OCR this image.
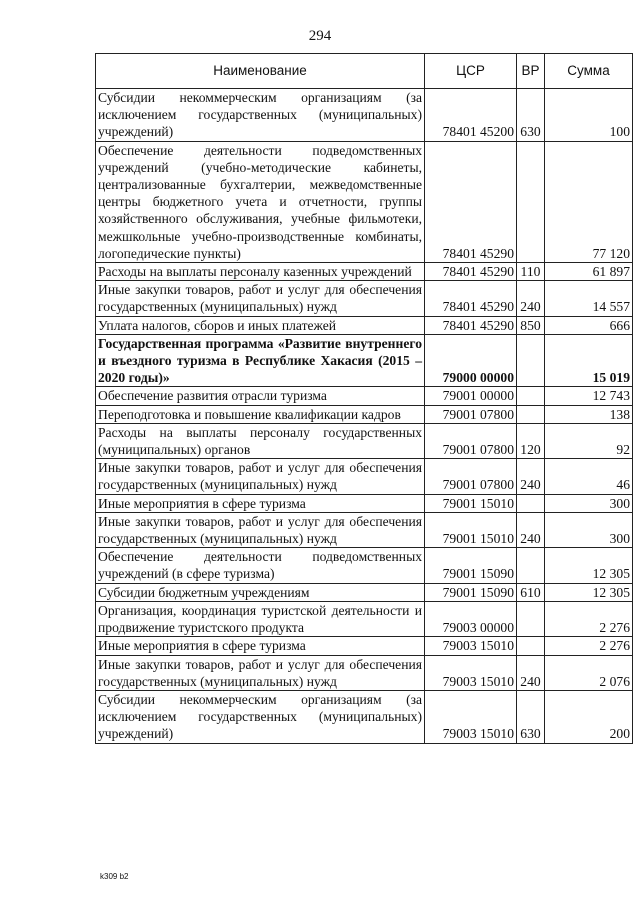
294
Наименование	ЦСР	ВР	Сумма
Субсидии некоммерческим организациям (за исключением государственных (муниципальных) учреждений)	78401 45200	630	100
Обеспечение деятельности подведомственных учреждений (учебно-методические кабинеты, централизованные бухгалтерии, межведомственные центры бюджетного учета и отчетности, группы хозяйственного обслуживания, учебные фильмотеки, межшкольные учебно-производственные комбинаты, логопедические пункты)	78401 45290		77 120
Расходы на выплаты персоналу казенных учреждений	78401 45290	110	61 897
Иные закупки товаров, работ и услуг для обеспечения государственных (муниципальных) нужд	78401 45290	240	14 557
Уплата налогов, сборов и иных платежей	78401 45290	850	666
Государственная программа «Развитие внутреннего и въездного туризма в Республике Хакасия (2015 – 2020 годы)»	79000 00000		15 019
Обеспечение развития отрасли туризма	79001 00000		12 743
Переподготовка и повышение квалификации кадров	79001 07800		138
Расходы на выплаты персоналу государственных (муниципальных) органов	79001 07800	120	92
Иные закупки товаров, работ и услуг для обеспечения государственных (муниципальных) нужд	79001 07800	240	46
Иные мероприятия в сфере туризма	79001 15010		300
Иные закупки товаров, работ и услуг для обеспечения государственных (муниципальных) нужд	79001 15010	240	300
Обеспечение деятельности подведомственных учреждений (в сфере туризма)	79001 15090		12 305
Субсидии бюджетным учреждениям	79001 15090	610	12 305
Организация, координация туристской деятельности и продвижение туристского продукта	79003 00000		2 276
Иные мероприятия в сфере туризма	79003 15010		2 276
Иные закупки товаров, работ и услуг для обеспечения государственных (муниципальных) нужд	79003 15010	240	2 076
Субсидии некоммерческим организациям (за исключением государственных (муниципальных) учреждений)	79003 15010	630	200
k309 b2
